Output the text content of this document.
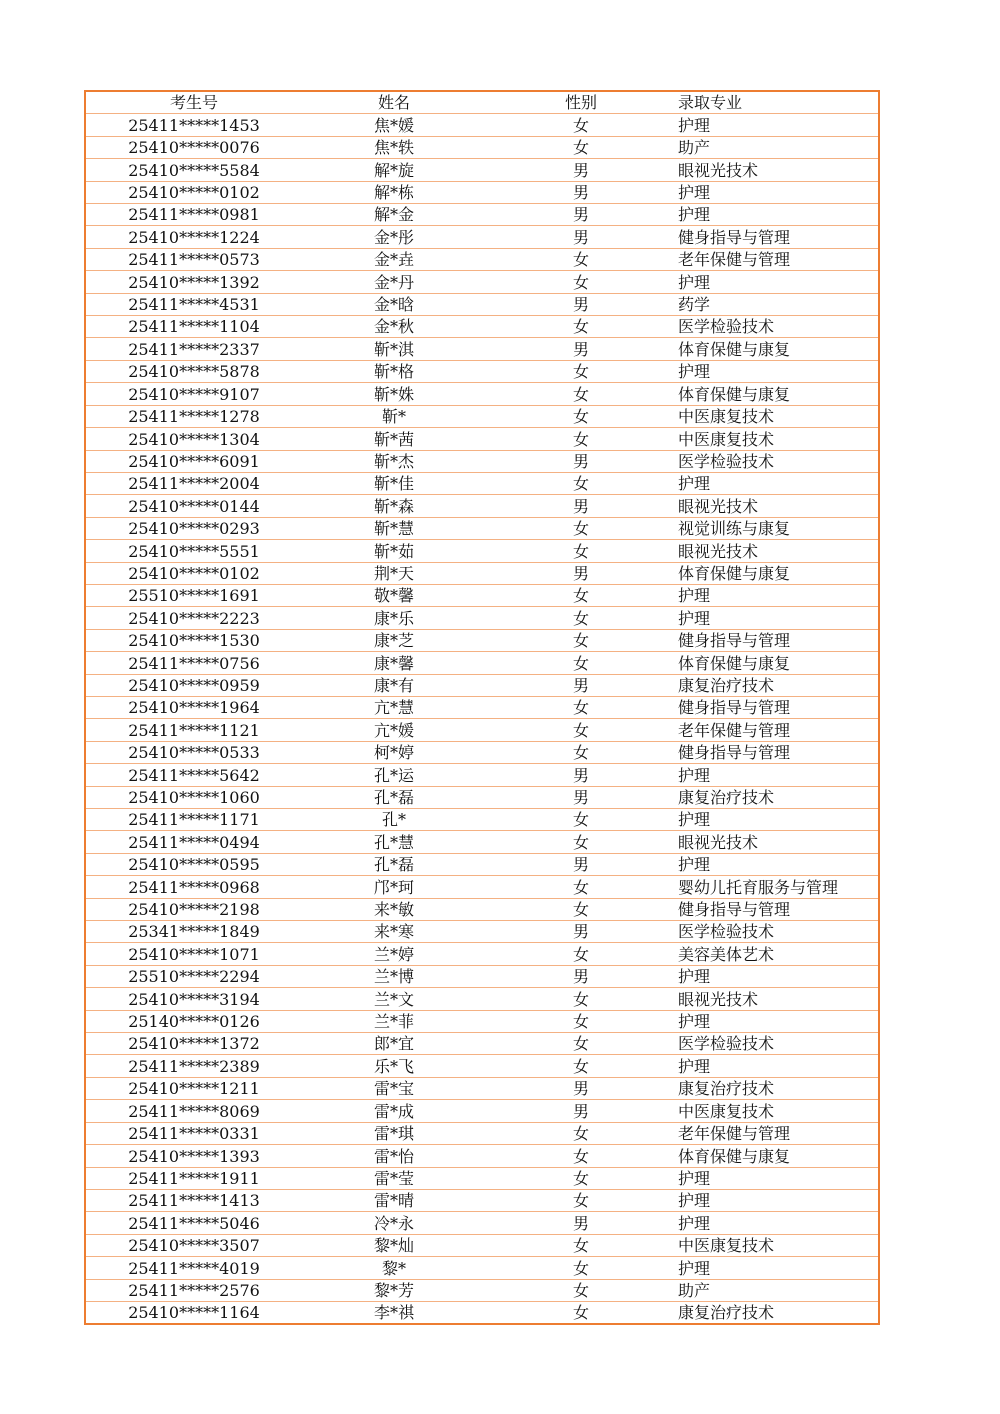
考生号	姓名	性别	录取专业
25411*****1453	焦*媛	女	护理
25410*****0076	焦*轶	女	助产
25410*****5584	解*旋	男	眼视光技术
25410*****0102	解*栋	男	护理
25411*****0981	解*金	男	护理
25410*****1224	金*彤	男	健身指导与管理
25411*****0573	金*垚	女	老年保健与管理
25410*****1392	金*丹	女	护理
25411*****4531	金*晗	男	药学
25411*****1104	金*秋	女	医学检验技术
25411*****2337	靳*淇	男	体育保健与康复
25410*****5878	靳*格	女	护理
25410*****9107	靳*姝	女	体育保健与康复
25411*****1278	靳*	女	中医康复技术
25410*****1304	靳*茜	女	中医康复技术
25410*****6091	靳*杰	男	医学检验技术
25411*****2004	靳*佳	女	护理
25410*****0144	靳*森	男	眼视光技术
25410*****0293	靳*慧	女	视觉训练与康复
25410*****5551	靳*茹	女	眼视光技术
25410*****0102	荆*天	男	体育保健与康复
25510*****1691	敬*馨	女	护理
25410*****2223	康*乐	女	护理
25410*****1530	康*芝	女	健身指导与管理
25411*****0756	康*馨	女	体育保健与康复
25410*****0959	康*有	男	康复治疗技术
25410*****1964	亢*慧	女	健身指导与管理
25411*****1121	亢*媛	女	老年保健与管理
25410*****0533	柯*婷	女	健身指导与管理
25411*****5642	孔*运	男	护理
25410*****1060	孔*磊	男	康复治疗技术
25411*****1171	孔*	女	护理
25411*****0494	孔*慧	女	眼视光技术
25410*****0595	孔*磊	男	护理
25411*****0968	邝*珂	女	婴幼儿托育服务与管理
25410*****2198	来*敏	女	健身指导与管理
25341*****1849	来*寒	男	医学检验技术
25410*****1071	兰*婷	女	美容美体艺术
25510*****2294	兰*博	男	护理
25410*****3194	兰*文	女	眼视光技术
25140*****0126	兰*菲	女	护理
25410*****1372	郎*宜	女	医学检验技术
25411*****2389	乐*飞	女	护理
25410*****1211	雷*宝	男	康复治疗技术
25411*****8069	雷*成	男	中医康复技术
25411*****0331	雷*琪	女	老年保健与管理
25410*****1393	雷*怡	女	体育保健与康复
25411*****1911	雷*莹	女	护理
25411*****1413	雷*晴	女	护理
25411*****5046	冷*永	男	护理
25410*****3507	黎*灿	女	中医康复技术
25411*****4019	黎*	女	护理
25411*****2576	黎*芳	女	助产
25410*****1164	李*祺	女	康复治疗技术
